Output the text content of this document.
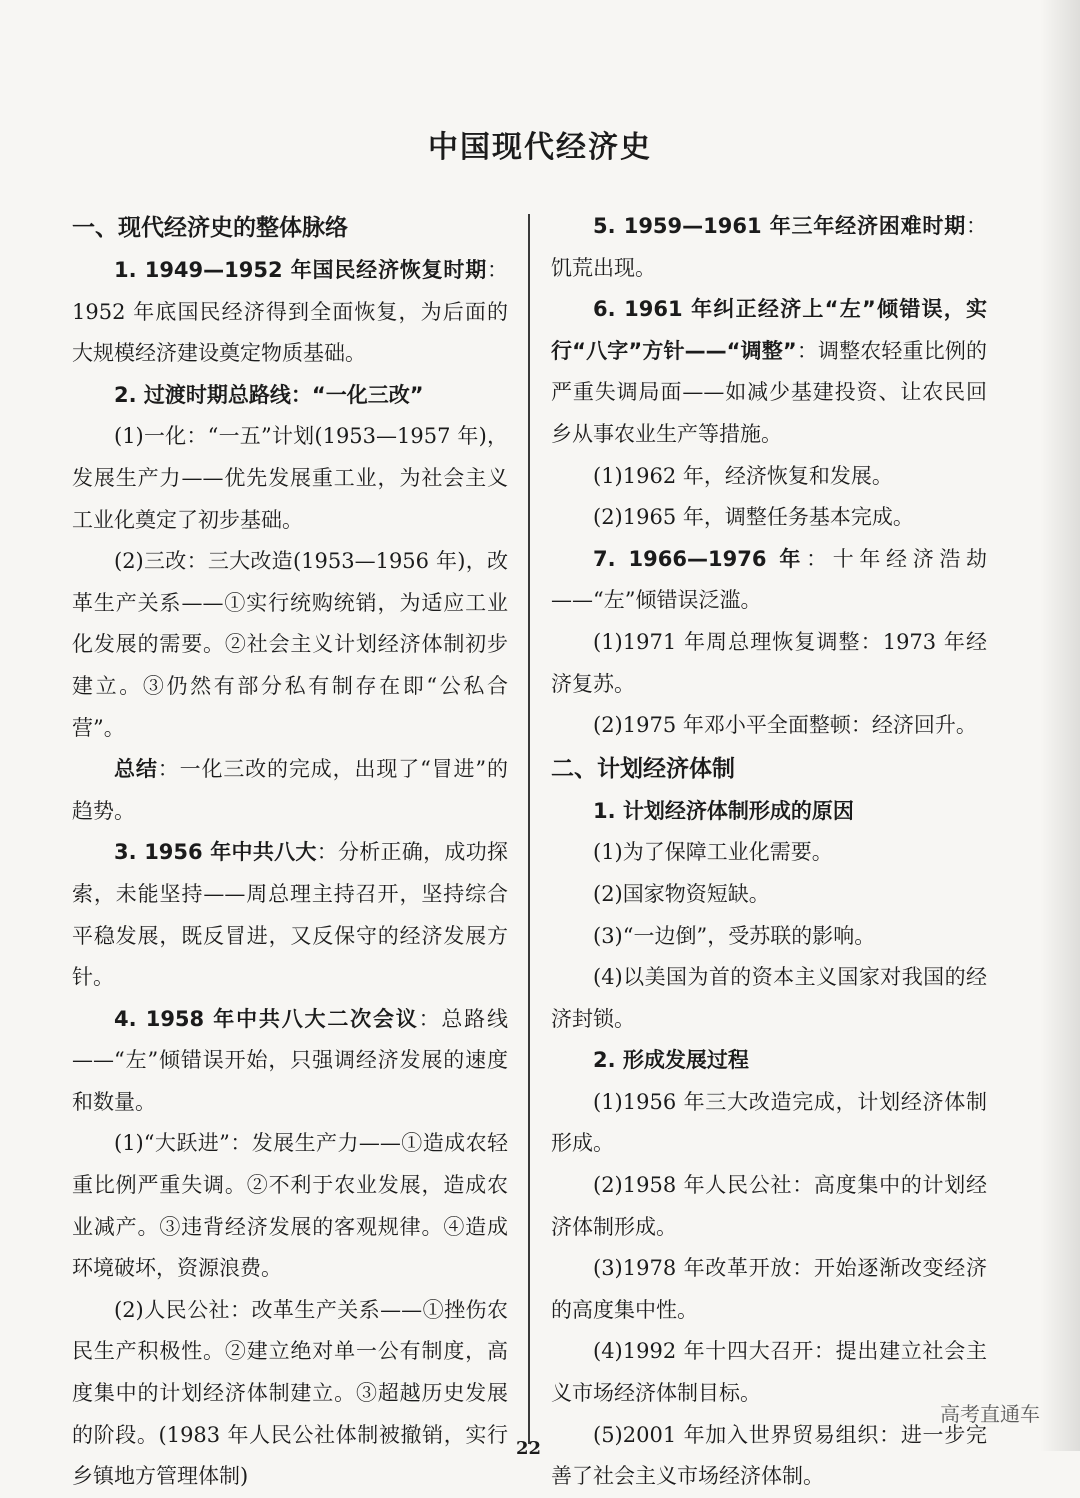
中国现代经济史
一、现代经济史的整体脉络

1. 1949—1952 年国民经济恢复时期：1952 年底国民经济得到全面恢复，为后面的大规模经济建设奠定物质基础。

2. 过渡时期总路线：“一化三改”

(1)一化：“一五”计划(1953—1957 年)，发展生产力——优先发展重工业，为社会主义工业化奠定了初步基础。

(2)三改：三大改造(1953—1956 年)，改革生产关系——①实行统购统销，为适应工业化发展的需要。②社会主义计划经济体制初步建立。③仍然有部分私有制存在即“公私合营”。

总结：一化三改的完成，出现了“冒进”的趋势。

3. 1956 年中共八大：分析正确，成功探索，未能坚持——周总理主持召开，坚持综合平稳发展，既反冒进，又反保守的经济发展方针。

4. 1958 年中共八大二次会议：总路线——“左”倾错误开始，只强调经济发展的速度和数量。

(1)“大跃进”：发展生产力——①造成农轻重比例严重失调。②不利于农业发展，造成农业减产。③违背经济发展的客观规律。④造成环境破坏，资源浪费。

(2)人民公社：改革生产关系——①挫伤农民生产积极性。②建立绝对单一公有制度，高度集中的计划经济体制建立。③超越历史发展的阶段。(1983 年人民公社体制被撤销，实行乡镇地方管理体制)

5. 1959—1961 年三年经济困难时期：饥荒出现。

6. 1961 年纠正经济上“左”倾错误，实行“八字”方针——“调整”：调整农轻重比例的严重失调局面——如减少基建投资、让农民回乡从事农业生产等措施。

(1)1962 年，经济恢复和发展。

(2)1965 年，调整任务基本完成。

7. 1966—1976 年：十年经济浩劫——“左”倾错误泛滥。

(1)1971 年周总理恢复调整：1973 年经济复苏。

(2)1975 年邓小平全面整顿：经济回升。

二、计划经济体制

1. 计划经济体制形成的原因

(1)为了保障工业化需要。

(2)国家物资短缺。

(3)“一边倒”，受苏联的影响。

(4)以美国为首的资本主义国家对我国的经济封锁。

2. 形成发展过程

(1)1956 年三大改造完成，计划经济体制形成。

(2)1958 年人民公社：高度集中的计划经济体制形成。

(3)1978 年改革开放：开始逐渐改变经济的高度集中性。

(4)1992 年十四大召开：提出建立社会主义市场经济体制目标。

(5)2001 年加入世界贸易组织：进一步完善了社会主义市场经济体制。

高考直通车
22
